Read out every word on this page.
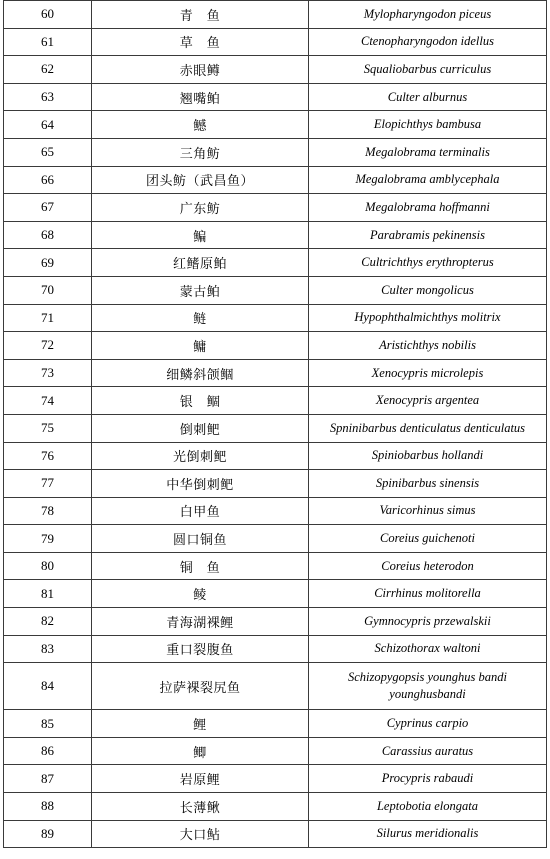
60	青　鱼	Mylopharyngodon piceus
61	草　鱼	Ctenopharyngodon idellus
62	赤眼鳟	Squaliobarbus curriculus
63	翘嘴鲌	Culter alburnus
64	鳡	Elopichthys bambusa
65	三角鲂	Megalobrama terminalis
66	团头鲂（武昌鱼）	Megalobrama amblycephala
67	广东鲂	Megalobrama hoffmanni
68	鳊	Parabramis pekinensis
69	红鳍原鲌	Cultrichthys erythropterus
70	蒙古鲌	Culter mongolicus
71	鲢	Hypophthalmichthys molitrix
72	鳙	Aristichthys nobilis
73	细鳞斜颌鲴	Xenocypris microlepis
74	银　鲴	Xenocypris argentea
75	倒刺鲃	Spninibarbus denticulatus denticulatus
76	光倒刺鲃	Spiniobarbus hollandi
77	中华倒刺鲃	Spinibarbus sinensis
78	白甲鱼	Varicorhinus simus
79	圆口铜鱼	Coreius guichenoti
80	铜　鱼	Coreius heterodon
81	鲮	Cirrhinus molitorella
82	青海湖裸鲤	Gymnocypris przewalskii
83	重口裂腹鱼	Schizothorax waltoni
84	拉萨裸裂尻鱼	Schizopygopsis younghus bandi younghusbandi
85	鲤	Cyprinus carpio
86	鲫	Carassius auratus
87	岩原鲤	Procypris rabaudi
88	长薄鳅	Leptobotia elongata
89	大口鲇	Silurus meridionalis
